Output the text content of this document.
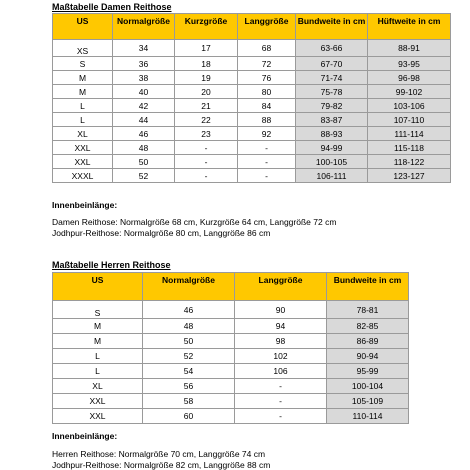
Maßtabelle Damen Reithose
US	Normalgröße	Kurzgröße	Langgröße	Bundweite in cm	Hüftweite in cm
XS	34	17	68	63-66	88-91
S	36	18	72	67-70	93-95
M	38	19	76	71-74	96-98
M	40	20	80	75-78	99-102
L	42	21	84	79-82	103-106
L	44	22	88	83-87	107-110
XL	46	23	92	88-93	111-114
XXL	48	-	-	94-99	115-118
XXL	50	-	-	100-105	118-122
XXXL	52	-	-	106-111	123-127
Innenbeinlänge:
Damen Reithose: Normalgröße 68 cm, Kurzgröße 64 cm, Langgröße 72 cm
Jodhpur-Reithose: Normalgröße 80 cm, Langgröße 86 cm
Maßtabelle Herren Reithose
US	Normalgröße	Langgröße	Bundweite in cm
S	46	90	78-81
M	48	94	82-85
M	50	98	86-89
L	52	102	90-94
L	54	106	95-99
XL	56	-	100-104
XXL	58	-	105-109
XXL	60	-	110-114
Innenbeinlänge:
Herren Reithose: Normalgröße 70 cm, Langgröße 74 cm
Jodhpur-Reithose: Normalgröße 82 cm, Langgröße 88 cm
